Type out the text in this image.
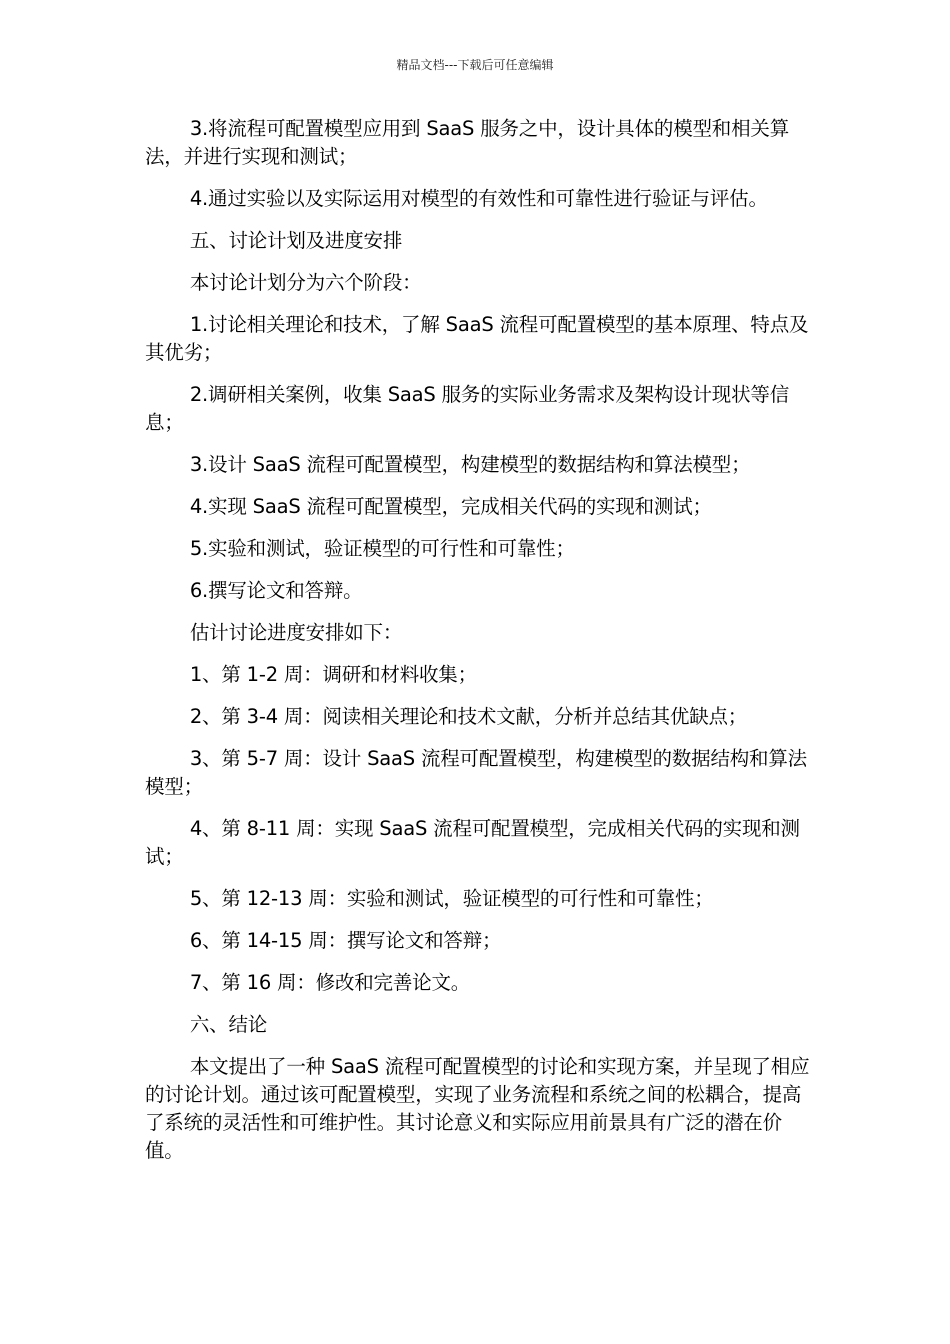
精品文档---下载后可任意编辑

3.将流程可配置模型应用到 SaaS 服务之中，设计具体的模型和相关算法，并进行实现和测试；

4.通过实验以及实际运用对模型的有效性和可靠性进行验证与评估。

五、讨论计划及进度安排

本讨论计划分为六个阶段：

1.讨论相关理论和技术，了解 SaaS 流程可配置模型的基本原理、特点及其优劣；

2.调研相关案例，收集 SaaS 服务的实际业务需求及架构设计现状等信息；

3.设计 SaaS 流程可配置模型，构建模型的数据结构和算法模型；

4.实现 SaaS 流程可配置模型，完成相关代码的实现和测试；

5.实验和测试，验证模型的可行性和可靠性；

6.撰写论文和答辩。

估计讨论进度安排如下：

1、第 1-2 周：调研和材料收集；

2、第 3-4 周：阅读相关理论和技术文献，分析并总结其优缺点；

3、第 5-7 周：设计 SaaS 流程可配置模型，构建模型的数据结构和算法模型；

4、第 8-11 周：实现 SaaS 流程可配置模型，完成相关代码的实现和测试；

5、第 12-13 周：实验和测试，验证模型的可行性和可靠性；

6、第 14-15 周：撰写论文和答辩；

7、第 16 周：修改和完善论文。

六、结论

本文提出了一种 SaaS 流程可配置模型的讨论和实现方案，并呈现了相应的讨论计划。通过该可配置模型，实现了业务流程和系统之间的松耦合，提高了系统的灵活性和可维护性。其讨论意义和实际应用前景具有广泛的潜在价值。
